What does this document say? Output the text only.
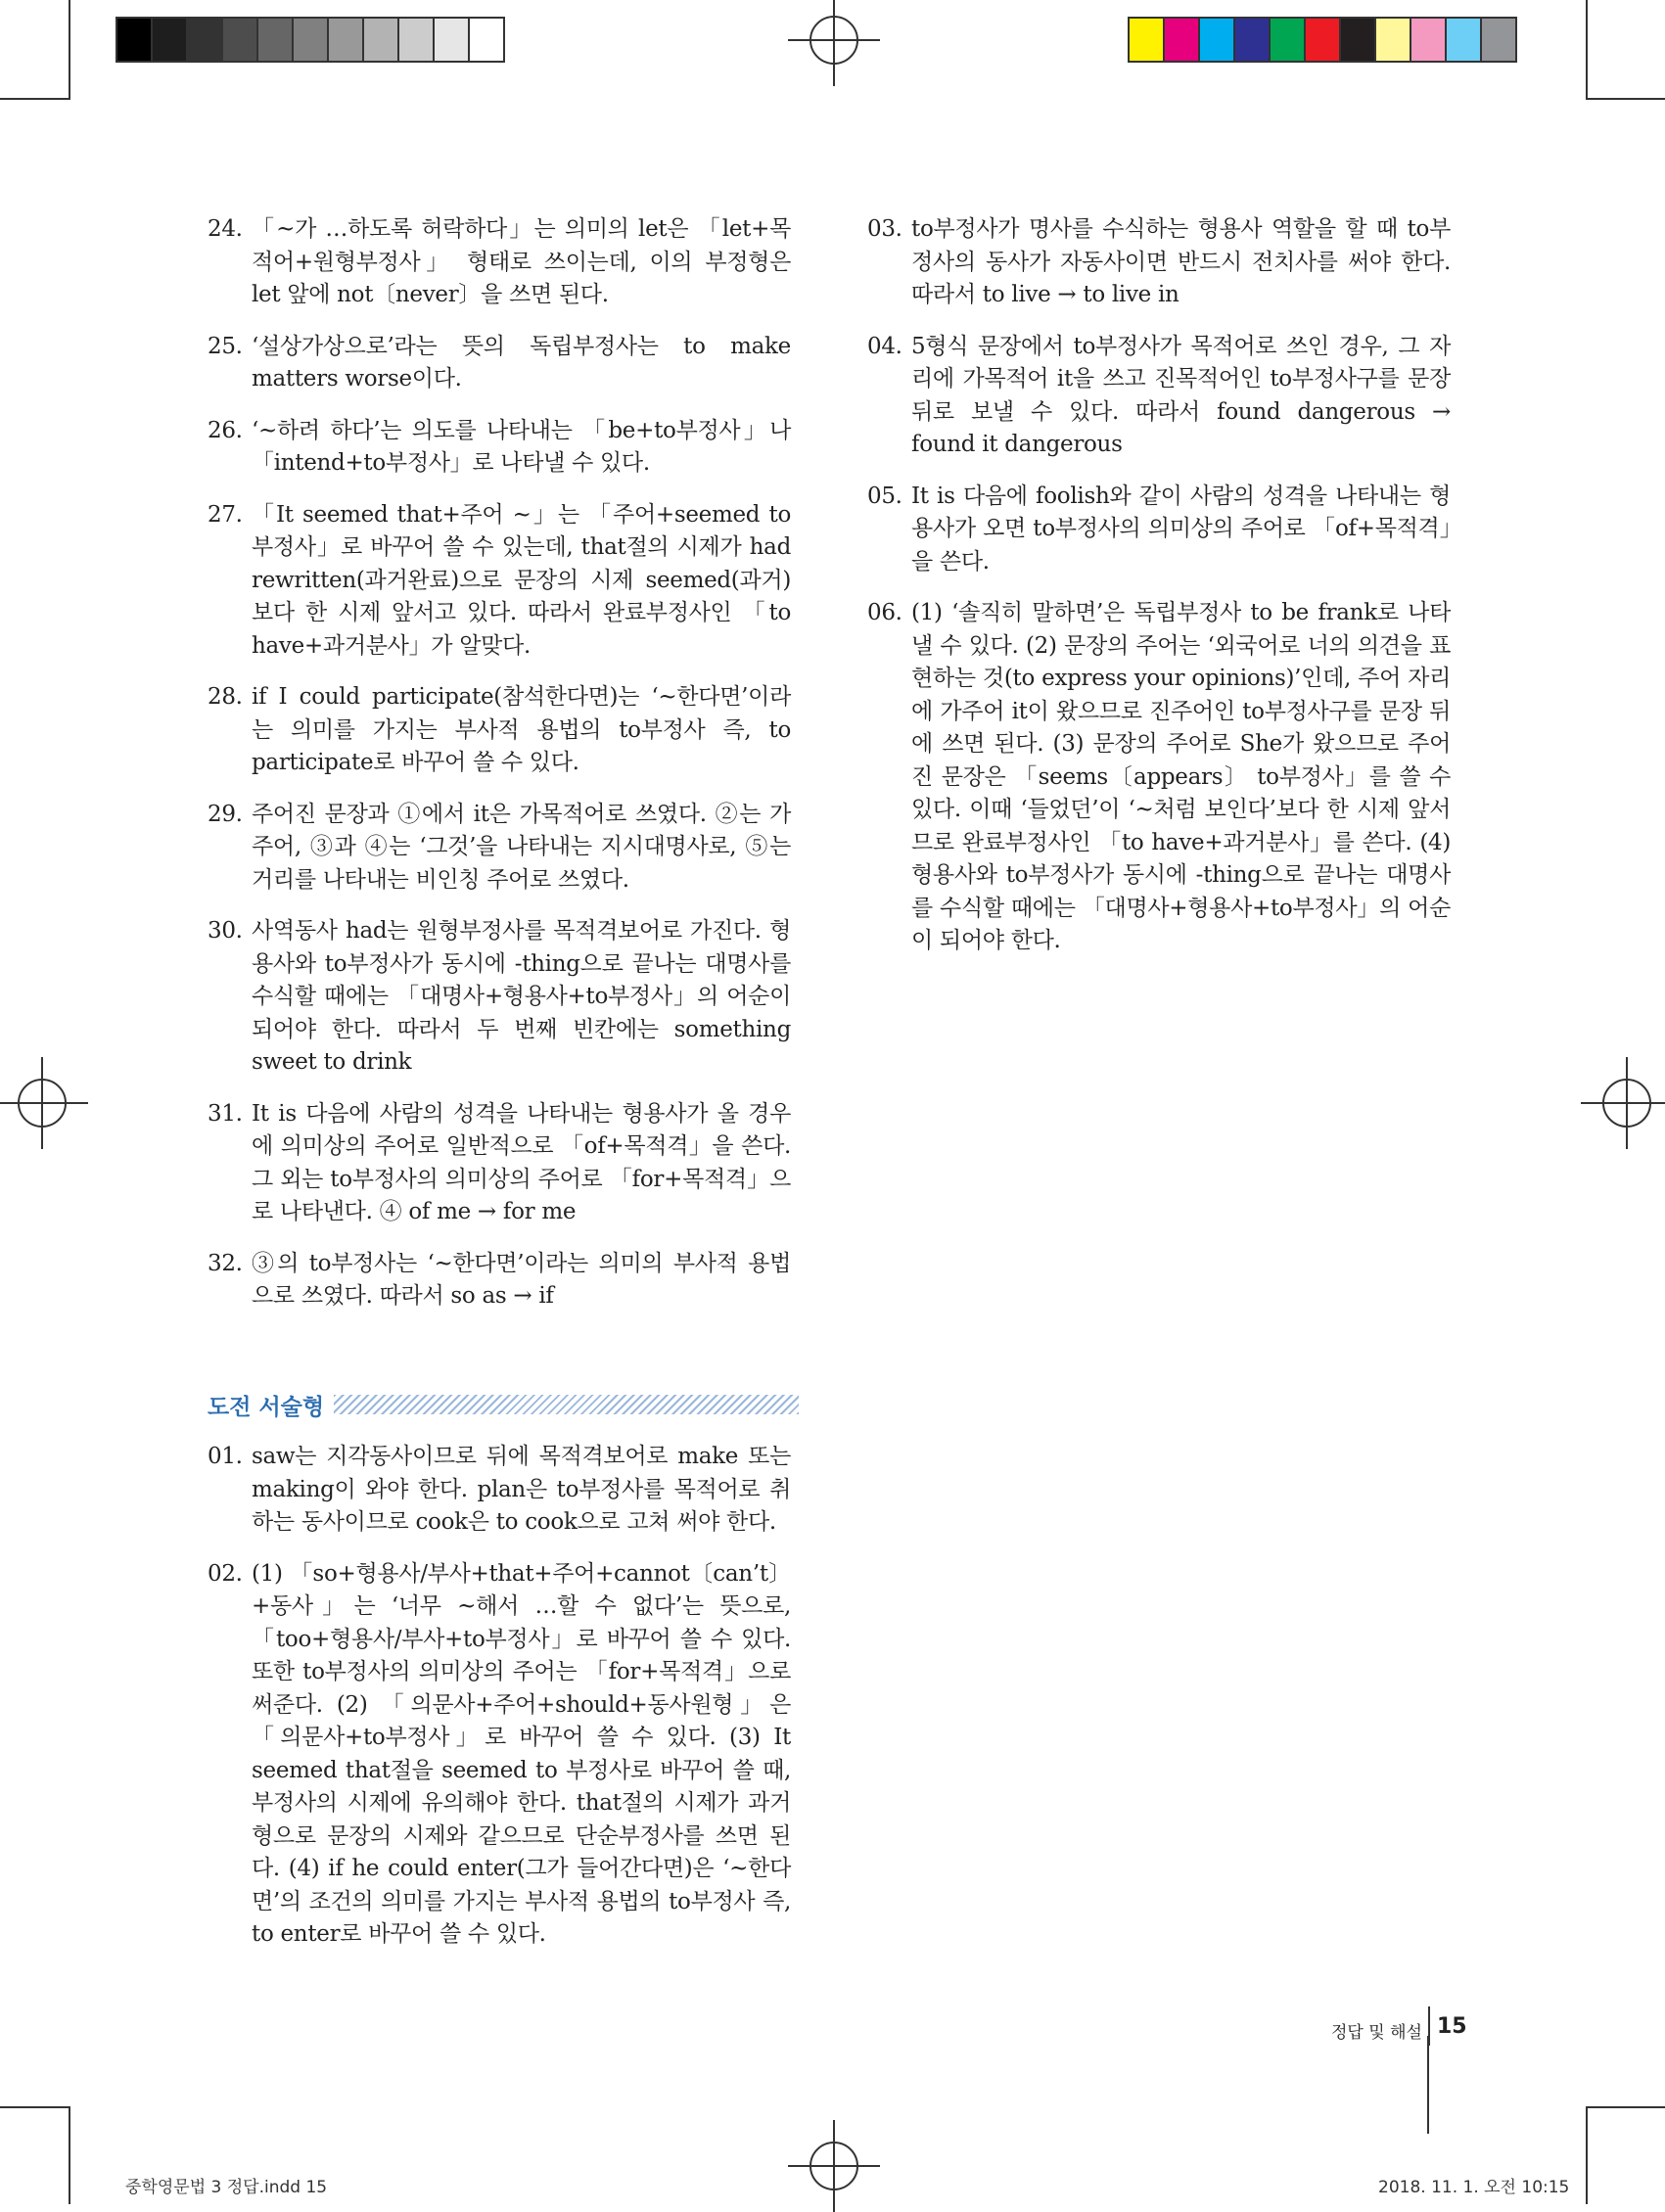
24. 「~가 …하도록 허락하다」는 의미의 let은 「let+목적어+원형부정사」 형태로 쓰이는데, 이의 부정형은 let 앞에 not〔never〕을 쓰면 된다.
25. ‘설상가상으로’라는 뜻의 독립부정사는 to make matters worse이다.
26. ‘~하려 하다’는 의도를 나타내는 「be+to부정사」나 「intend+to부정사」로 나타낼 수 있다.
27. 「It seemed that+주어 ~」는 「주어+seemed to부정사」로 바꾸어 쓸 수 있는데, that절의 시제가 had rewritten(과거완료)으로 문장의 시제 seemed(과거)보다 한 시제 앞서고 있다. 따라서 완료부정사인 「to have+과거분사」가 알맞다.
28. if I could participate(참석한다면)는 ‘~한다면’이라는 의미를 가지는 부사적 용법의 to부정사 즉, to participate로 바꾸어 쓸 수 있다.
29. 주어진 문장과 ①에서 it은 가목적어로 쓰였다. ②는 가주어, ③과 ④는 ‘그것’을 나타내는 지시대명사로, ⑤는 거리를 나타내는 비인칭 주어로 쓰였다.
30. 사역동사 had는 원형부정사를 목적격보어로 가진다. 형용사와 to부정사가 동시에 -thing으로 끝나는 대명사를 수식할 때에는 「대명사+형용사+to부정사」의 어순이 되어야 한다. 따라서 두 번째 빈칸에는 something sweet to drink
31. It is 다음에 사람의 성격을 나타내는 형용사가 올 경우에 의미상의 주어로 일반적으로 「of+목적격」을 쓴다. 그 외는 to부정사의 의미상의 주어로 「for+목적격」으로 나타낸다. ④ of me → for me
32. ③의 to부정사는 ‘~한다면’이라는 의미의 부사적 용법으로 쓰였다. 따라서 so as → if
도전 서술형
01. saw는 지각동사이므로 뒤에 목적격보어로 make 또는 making이 와야 한다. plan은 to부정사를 목적어로 취하는 동사이므로 cook은 to cook으로 고쳐 써야 한다.
02. (1) 「so+형용사/부사+that+주어+cannot〔can’t〕+동사」는 ‘너무 ~해서 …할 수 없다’는 뜻으로, 「too+형용사/부사+to부정사」로 바꾸어 쓸 수 있다. 또한 to부정사의 의미상의 주어는 「for+목적격」으로 써준다. (2) 「의문사+주어+should+동사원형」은 「의문사+to부정사」로 바꾸어 쓸 수 있다. (3) It seemed that절을 seemed to 부정사로 바꾸어 쓸 때, 부정사의 시제에 유의해야 한다. that절의 시제가 과거형으로 문장의 시제와 같으므로 단순부정사를 쓰면 된다. (4) if he could enter(그가 들어간다면)은 ‘~한다면’의 조건의 의미를 가지는 부사적 용법의 to부정사 즉, to enter로 바꾸어 쓸 수 있다.
03. to부정사가 명사를 수식하는 형용사 역할을 할 때 to부정사의 동사가 자동사이면 반드시 전치사를 써야 한다. 따라서 to live → to live in
04. 5형식 문장에서 to부정사가 목적어로 쓰인 경우, 그 자리에 가목적어 it을 쓰고 진목적어인 to부정사구를 문장 뒤로 보낼 수 있다. 따라서 found dangerous → found it dangerous
05. It is 다음에 foolish와 같이 사람의 성격을 나타내는 형용사가 오면 to부정사의 의미상의 주어로 「of+목적격」을 쓴다.
06. (1) ‘솔직히 말하면’은 독립부정사 to be frank로 나타낼 수 있다. (2) 문장의 주어는 ‘외국어로 너의 의견을 표현하는 것(to express your opinions)’인데, 주어 자리에 가주어 it이 왔으므로 진주어인 to부정사구를 문장 뒤에 쓰면 된다. (3) 문장의 주어로 She가 왔으므로 주어진 문장은 「seems〔appears〕 to부정사」를 쓸 수 있다. 이때 ‘들었던’이 ‘~처럼 보인다’보다 한 시제 앞서므로 완료부정사인 「to have+과거분사」를 쓴다. (4) 형용사와 to부정사가 동시에 -thing으로 끝나는 대명사를 수식할 때에는 「대명사+형용사+to부정사」의 어순이 되어야 한다.
정답 및 해설 15
중학영문법 3 정답.indd 15	2018. 11. 1. 오전 10:15
